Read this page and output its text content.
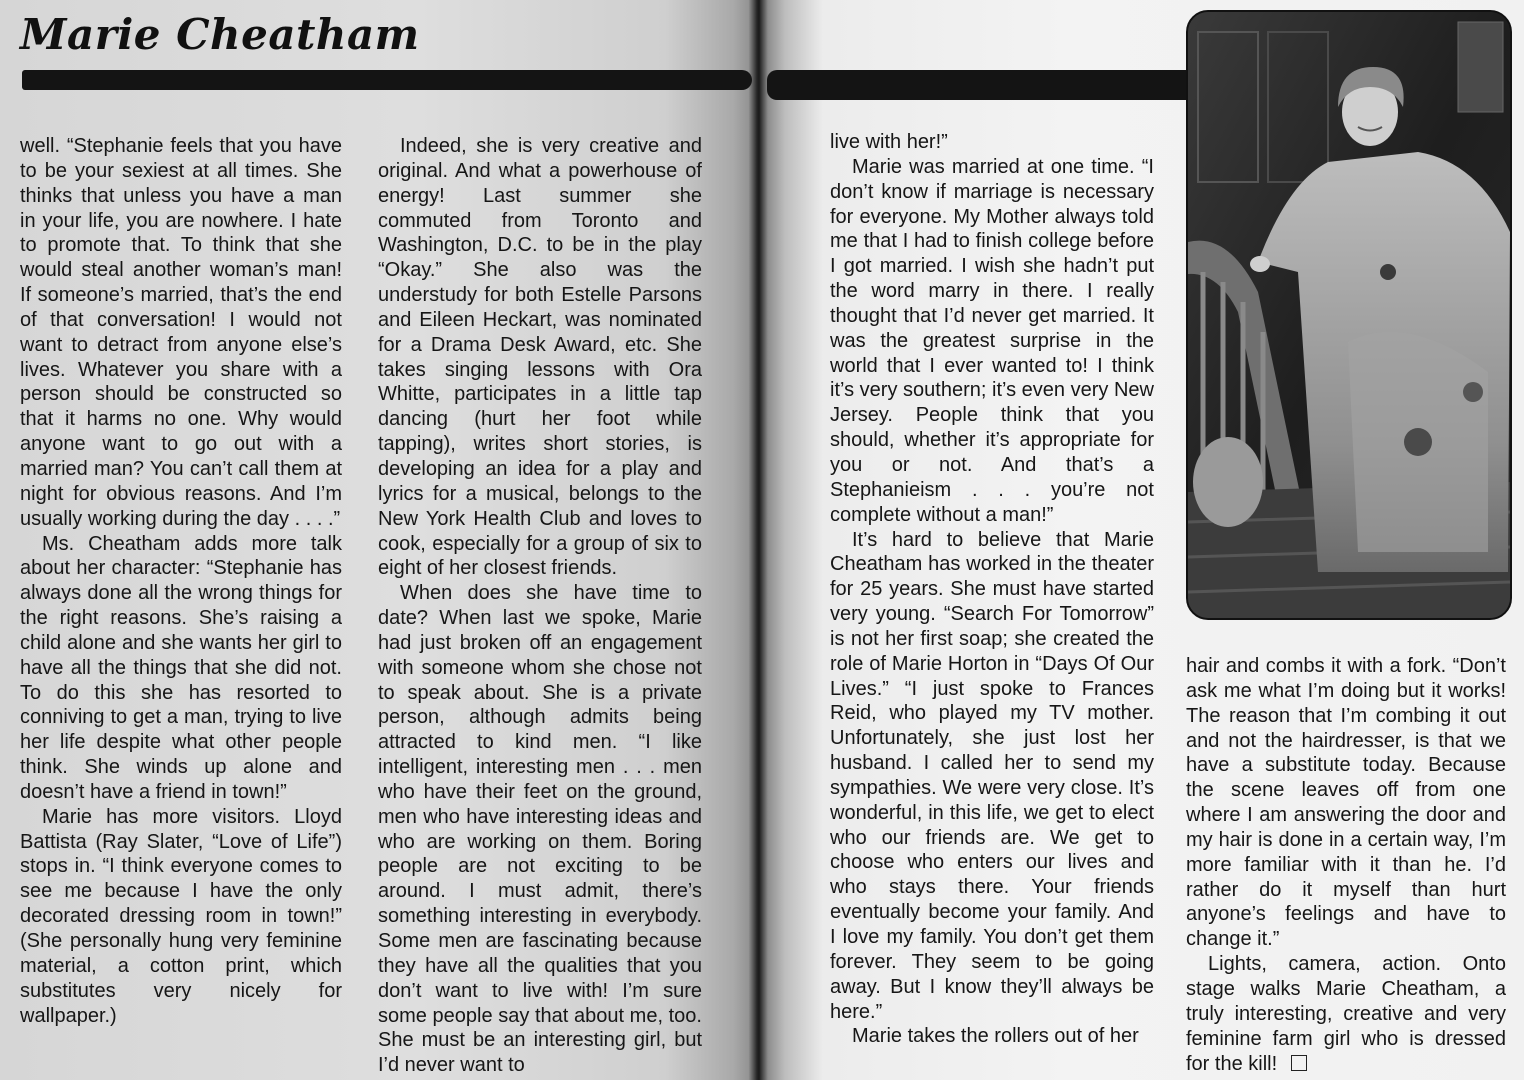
Marie Cheatham

well. “Stephanie feels that you have to be your sexiest at all times. She thinks that unless you have a man in your life, you are nowhere. I hate to promote that. To think that she would steal another woman’s man! If someone’s married, that’s the end of that conversation! I would not want to detract from anyone else’s lives. Whatever you share with a person should be constructed so that it harms no one. Why would anyone want to go out with a married man? You can’t call them at night for obvious reasons. And I’m usually working during the day . . . .”

Ms. Cheatham adds more talk about her character: “Stephanie has always done all the wrong things for the right reasons. She’s raising a child alone and she wants her girl to have all the things that she did not. To do this she has resorted to conniving to get a man, trying to live her life despite what other people think. She winds up alone and doesn’t have a friend in town!”

Marie has more visitors. Lloyd Battista (Ray Slater, “Love of Life”) stops in. “I think everyone comes to see me because I have the only decorated dressing room in town!” (She personally hung very feminine material, a cotton print, which substitutes very nicely for wallpaper.)

Indeed, she is very creative and original. And what a powerhouse of energy! Last summer she commuted from Toronto and Washington, D.C. to be in the play “Okay.” She also was the understudy for both Estelle Parsons and Eileen Heckart, was nominated for a Drama Desk Award, etc. She takes singing lessons with Ora Whitte, participates in a little tap dancing (hurt her foot while tapping), writes short stories, is developing an idea for a play and lyrics for a musical, belongs to the New York Health Club and loves to cook, especially for a group of six to eight of her closest friends.

When does she have time to date? When last we spoke, Marie had just broken off an engagement with someone whom she chose not to speak about. She is a private person, although admits being attracted to kind men. “I like intelligent, interesting men . . . men who have their feet on the ground, men who have interesting ideas and who are working on them. Boring people are not exciting to be around. I must admit, there’s something interesting in everybody. Some men are fascinating because they have all the qualities that you don’t want to live with! I’m sure some people say that about me, too. She must be an interesting girl, but I’d never want to

live with her!”

Marie was married at one time. “I don’t know if marriage is necessary for everyone. My Mother always told me that I had to finish college before I got married. I wish she hadn’t put the word marry in there. I really thought that I’d never get married. It was the greatest surprise in the world that I ever wanted to! I think it’s very southern; it’s even very New Jersey. People think that you should, whether it’s appropriate for you or not. And that’s a Stephanieism . . . you’re not complete without a man!”

It’s hard to believe that Marie Cheatham has worked in the theater for 25 years. She must have started very young. “Search For Tomorrow” is not her first soap; she created the role of Marie Horton in “Days Of Our Lives.” “I just spoke to Frances Reid, who played my TV mother. Unfortunately, she just lost her husband. I called her to send my sympathies. We were very close. It’s wonderful, in this life, we get to elect who our friends are. We get to choose who enters our lives and who stays there. Your friends eventually become your family. And I love my family. You don’t get them forever. They seem to be going away. But I know they’ll always be here.”

Marie takes the rollers out of her

hair and combs it with a fork. “Don’t ask me what I’m doing but it works! The reason that I’m combing it out and not the hairdresser, is that we have a substitute today. Because the scene leaves off from one where I am answering the door and my hair is done in a certain way, I’m more familiar with it than he. I’d rather do it myself than hurt anyone’s feelings and have to change it.”

Lights, camera, action. Onto stage walks Marie Cheatham, a truly interesting, creative and very feminine farm girl who is dressed for the kill!
